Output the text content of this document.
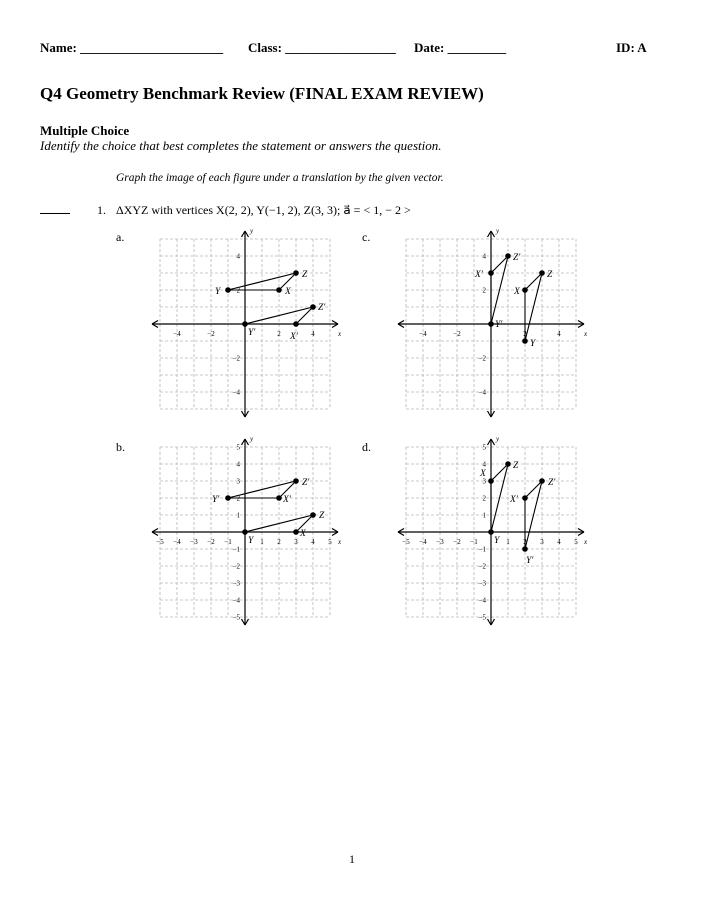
Name: ______________________ Class: _________________ Date: _________	ID: A
Q4 Geometry Benchmark Review (FINAL EXAM REVIEW)
Multiple Choice
Identify the choice that best completes the statement or answers the question.
Graph the image of each figure under a translation by the given vector.
1. ΔXYZ with vertices X(2, 2), Y(−1, 2), Z(3, 3); a⃗ = < 1, − 2 >
a.
b.
c.
d.
x
y
−4	−2	2	4
4
2
−2
−4
X
Y
Z
X′
Y′
Z′
x
y
−5 −4 −3 −2 −1	1 2 3 4 5
5
4
3
2
1
−1
−2
−3
−4
−5
X
Y
Z
X′
Y′
Z′
x
y
−4	−2	2	4
4
2
−2
−4
X
Y
Z
X′
Y′
Z′
x
y
−5 −4 −3 −2 −1	1 2 3 4 5
5
4
3
2
1
−1
−2
−3
−4
−5
X
Y
Z
X′
Y′
Z′
1
